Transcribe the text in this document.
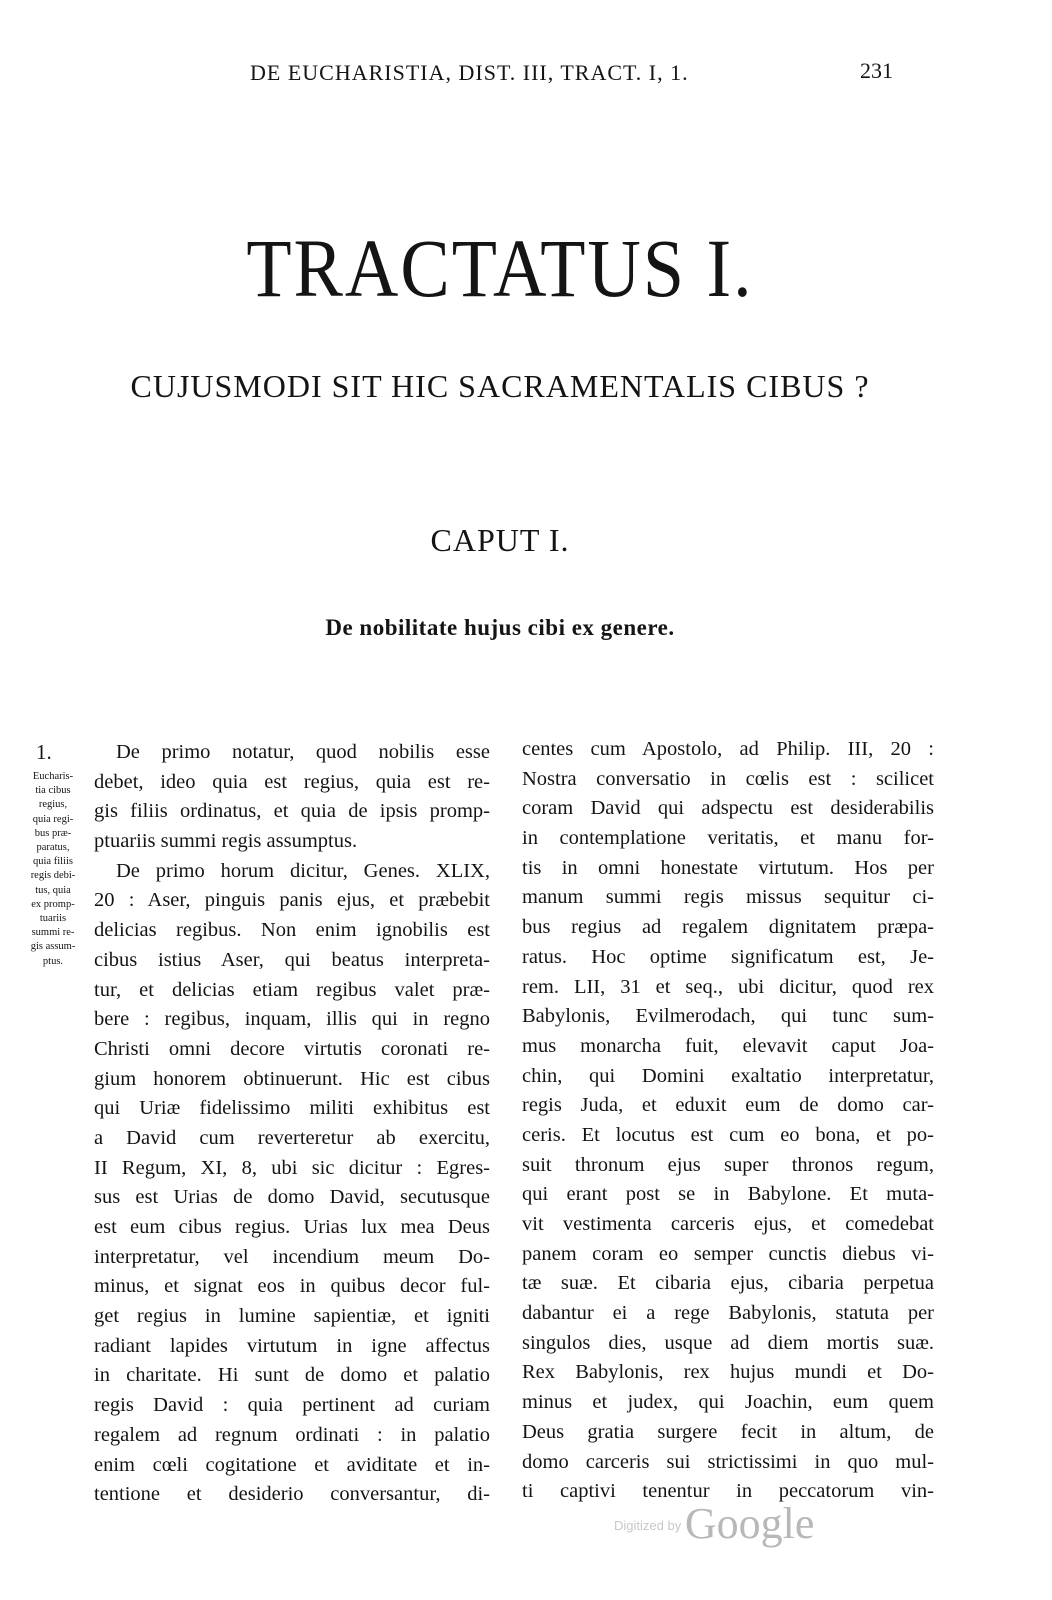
DE EUCHARISTIA, DIST. III, TRACT. I, 1.	231
TRACTATUS I.
CUJUSMODI SIT HIC SACRAMENTALIS CIBUS ?
CAPUT I.
De nobilitate hujus cibi ex genere.
1.
Eucharis-
tia cibus
regius,
quia regi-
bus præ-
paratus,
quia filiis
regis debi-
tus, quia
ex promp-
tuariis
summi re-
gis assum-
ptus.
De primo notatur, quod nobilis esse
debet, ideo quia est regius, quia est re-
gis filiis ordinatus, et quia de ipsis promp-
ptuariis summi regis assumptus.
De primo horum dicitur, Genes. XLIX,
20 : Aser, pinguis panis ejus, et præbebit
delicias regibus. Non enim ignobilis est
cibus istius Aser, qui beatus interpreta-
tur, et delicias etiam regibus valet præ-
bere : regibus, inquam, illis qui in regno
Christi omni decore virtutis coronati re-
gium honorem obtinuerunt. Hic est cibus
qui Uriæ fidelissimo militi exhibitus est
a David cum reverteretur ab exercitu,
II Regum, XI, 8, ubi sic dicitur : Egres-
sus est Urias de domo David, secutusque
est eum cibus regius. Urias lux mea Deus
interpretatur, vel incendium meum Do-
minus, et signat eos in quibus decor ful-
get regius in lumine sapientiæ, et igniti
radiant lapides virtutum in igne affectus
in charitate. Hi sunt de domo et palatio
regis David : quia pertinent ad curiam
regalem ad regnum ordinati : in palatio
enim cœli cogitatione et aviditate et in-
tentione et desiderio conversantur, di-
centes cum Apostolo, ad Philip. III, 20 :
Nostra conversatio in cœlis est : scilicet
coram David qui adspectu est desiderabilis
in contemplatione veritatis, et manu for-
tis in omni honestate virtutum. Hos per
manum summi regis missus sequitur ci-
bus regius ad regalem dignitatem præpa-
ratus. Hoc optime significatum est, Je-
rem. LII, 31 et seq., ubi dicitur, quod rex
Babylonis, Evilmerodach, qui tunc sum-
mus monarcha fuit, elevavit caput Joa-
chin, qui Domini exaltatio interpretatur,
regis Juda, et eduxit eum de domo car-
ceris. Et locutus est cum eo bona, et po-
suit thronum ejus super thronos regum,
qui erant post se in Babylone. Et muta-
vit vestimenta carceris ejus, et comedebat
panem coram eo semper cunctis diebus vi-
tæ suæ. Et cibaria ejus, cibaria perpetua
dabantur ei a rege Babylonis, statuta per
singulos dies, usque ad diem mortis suæ.
Rex Babylonis, rex hujus mundi et Do-
minus et judex, qui Joachin, eum quem
Deus gratia surgere fecit in altum, de
domo carceris sui strictissimi in quo mul-
ti captivi tenentur in peccatorum vin-
Digitized by Google
